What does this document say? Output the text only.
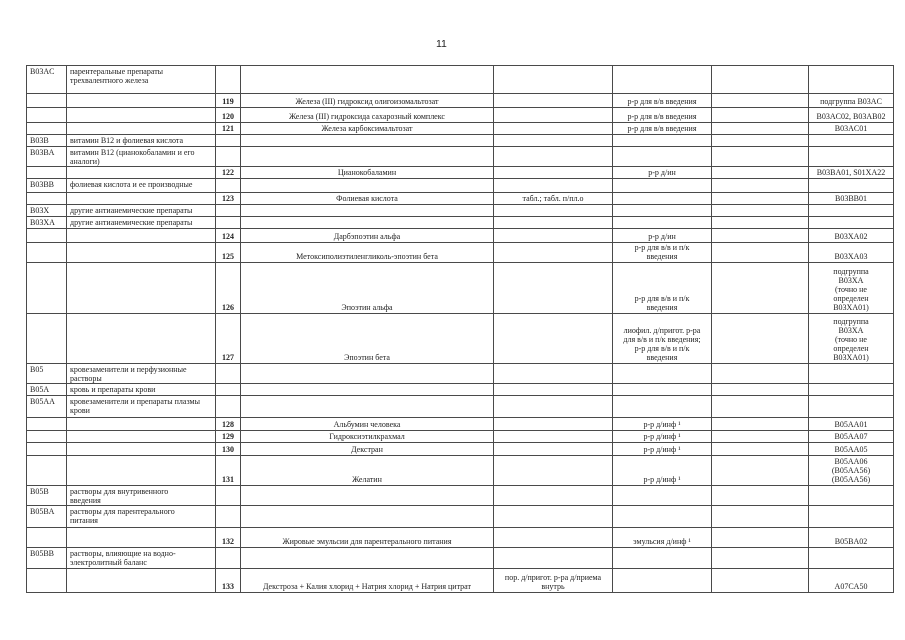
11
B03AC	парентеральные препараты
трехвалентного железа						
		119	Железа (III) гидроксид олигоизомальтозат		р-р для в/в введения		подгруппа B03AC
		120	Железа (III) гидроксида сахарозный комплекс		р-р для в/в введения		B03AC02, B03AB02
		121	Железа карбоксимальтозат		р-р для в/в введения		B03AC01
B03B	витамин B12 и фолиевая кислота						
B03BA	витамин B12 (цианокобаламин и его
аналоги)						
		122	Цианокобаламин		р-р д/ин		B03BA01, S01XA22
B03BB	фолиевая кислота и ее производные						
		123	Фолиевая кислота	табл.; табл. п/пл.о			B03BB01
B03X	другие антианемические препараты						
B03XA	другие антианемические препараты						
		124	Дарбэпоэтин альфа		р-р д/ин		B03XA02
		125	Метоксиполиэтиленгликоль-эпоэтин бета		р-р для в/в и п/к
введения		B03XA03
		126	Эпоэтин альфа		р-р для в/в и п/к
введения		подгруппа
B03XA
(точно не
определен
B03XA01)
		127	Эпоэтин бета		лиофил. д/пригот. р-ра
для в/в и п/к введения;
р-р для в/в и п/к
введения		подгруппа
B03XA
(точно не
определен
B03XA01)
B05	кровезаменители и перфузионные
растворы						
B05A	кровь и препараты крови						
B05AA	кровезаменители и препараты плазмы
крови						
		128	Альбумин человека		р-р д/инф ¹		B05AA01
		129	Гидроксиэтилкрахмал		р-р д/инф ¹		B05AA07
		130	Декстран		р-р д/инф ¹		B05AA05
		131	Желатин		р-р д/инф ¹		B05AA06
(B05AA56)
(B05AA56)
B05B	растворы для внутривенного
введения						
B05BA	растворы для парентерального
питания						
		132	Жировые эмульсии для парентерального питания		эмульсия д/инф ¹		B05BA02
B05BB	растворы, влияющие на водно-
электролитный баланс						
		133	Декстроза + Калия хлорид + Натрия хлорид + Натрия цитрат	пор. д/пригот. р-ра д/приема
внутрь			A07CA50
